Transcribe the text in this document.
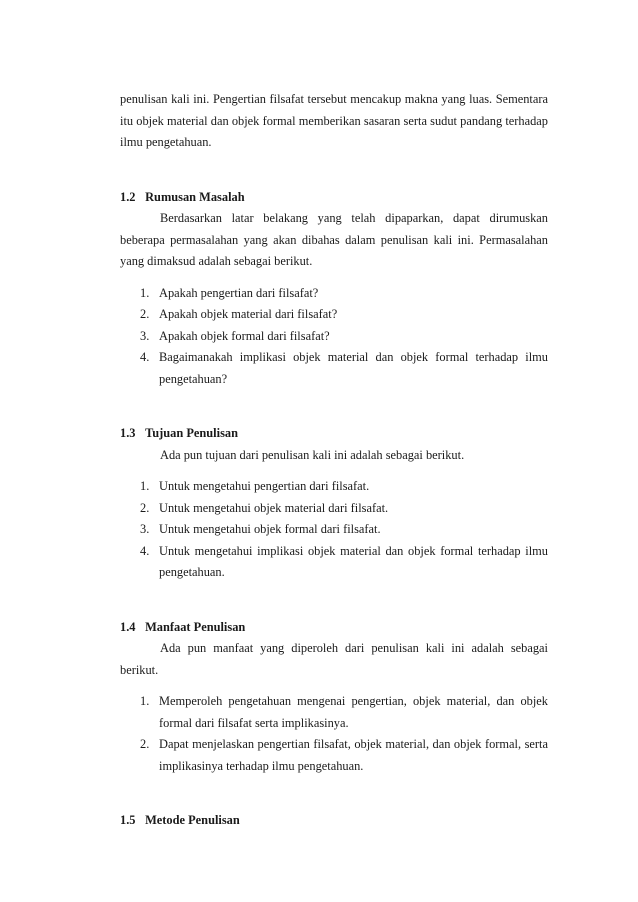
penulisan kali ini. Pengertian filsafat tersebut mencakup makna yang luas. Sementara itu objek material dan objek formal memberikan sasaran serta sudut pandang terhadap ilmu pengetahuan.

1.2 Rumusan Masalah

Berdasarkan latar belakang yang telah dipaparkan, dapat dirumuskan beberapa permasalahan yang akan dibahas dalam penulisan kali ini. Permasalahan yang dimaksud adalah sebagai berikut.

1. Apakah pengertian dari filsafat?
2. Apakah objek material dari filsafat?
3. Apakah objek formal dari filsafat?
4. Bagaimanakah implikasi objek material dan objek formal terhadap ilmu pengetahuan?
1.3 Tujuan Penulisan

Ada pun tujuan dari penulisan kali ini adalah sebagai berikut.

1. Untuk mengetahui pengertian dari filsafat.
2. Untuk mengetahui objek material dari filsafat.
3. Untuk mengetahui objek formal dari filsafat.
4. Untuk mengetahui implikasi objek material dan objek formal terhadap ilmu pengetahuan.
1.4 Manfaat Penulisan

Ada pun manfaat yang diperoleh dari penulisan kali ini adalah sebagai berikut.

1. Memperoleh pengetahuan mengenai pengertian, objek material, dan objek formal dari filsafat serta implikasinya.
2. Dapat menjelaskan pengertian filsafat, objek material, dan objek formal, serta implikasinya terhadap ilmu pengetahuan.
1.5 Metode Penulisan
